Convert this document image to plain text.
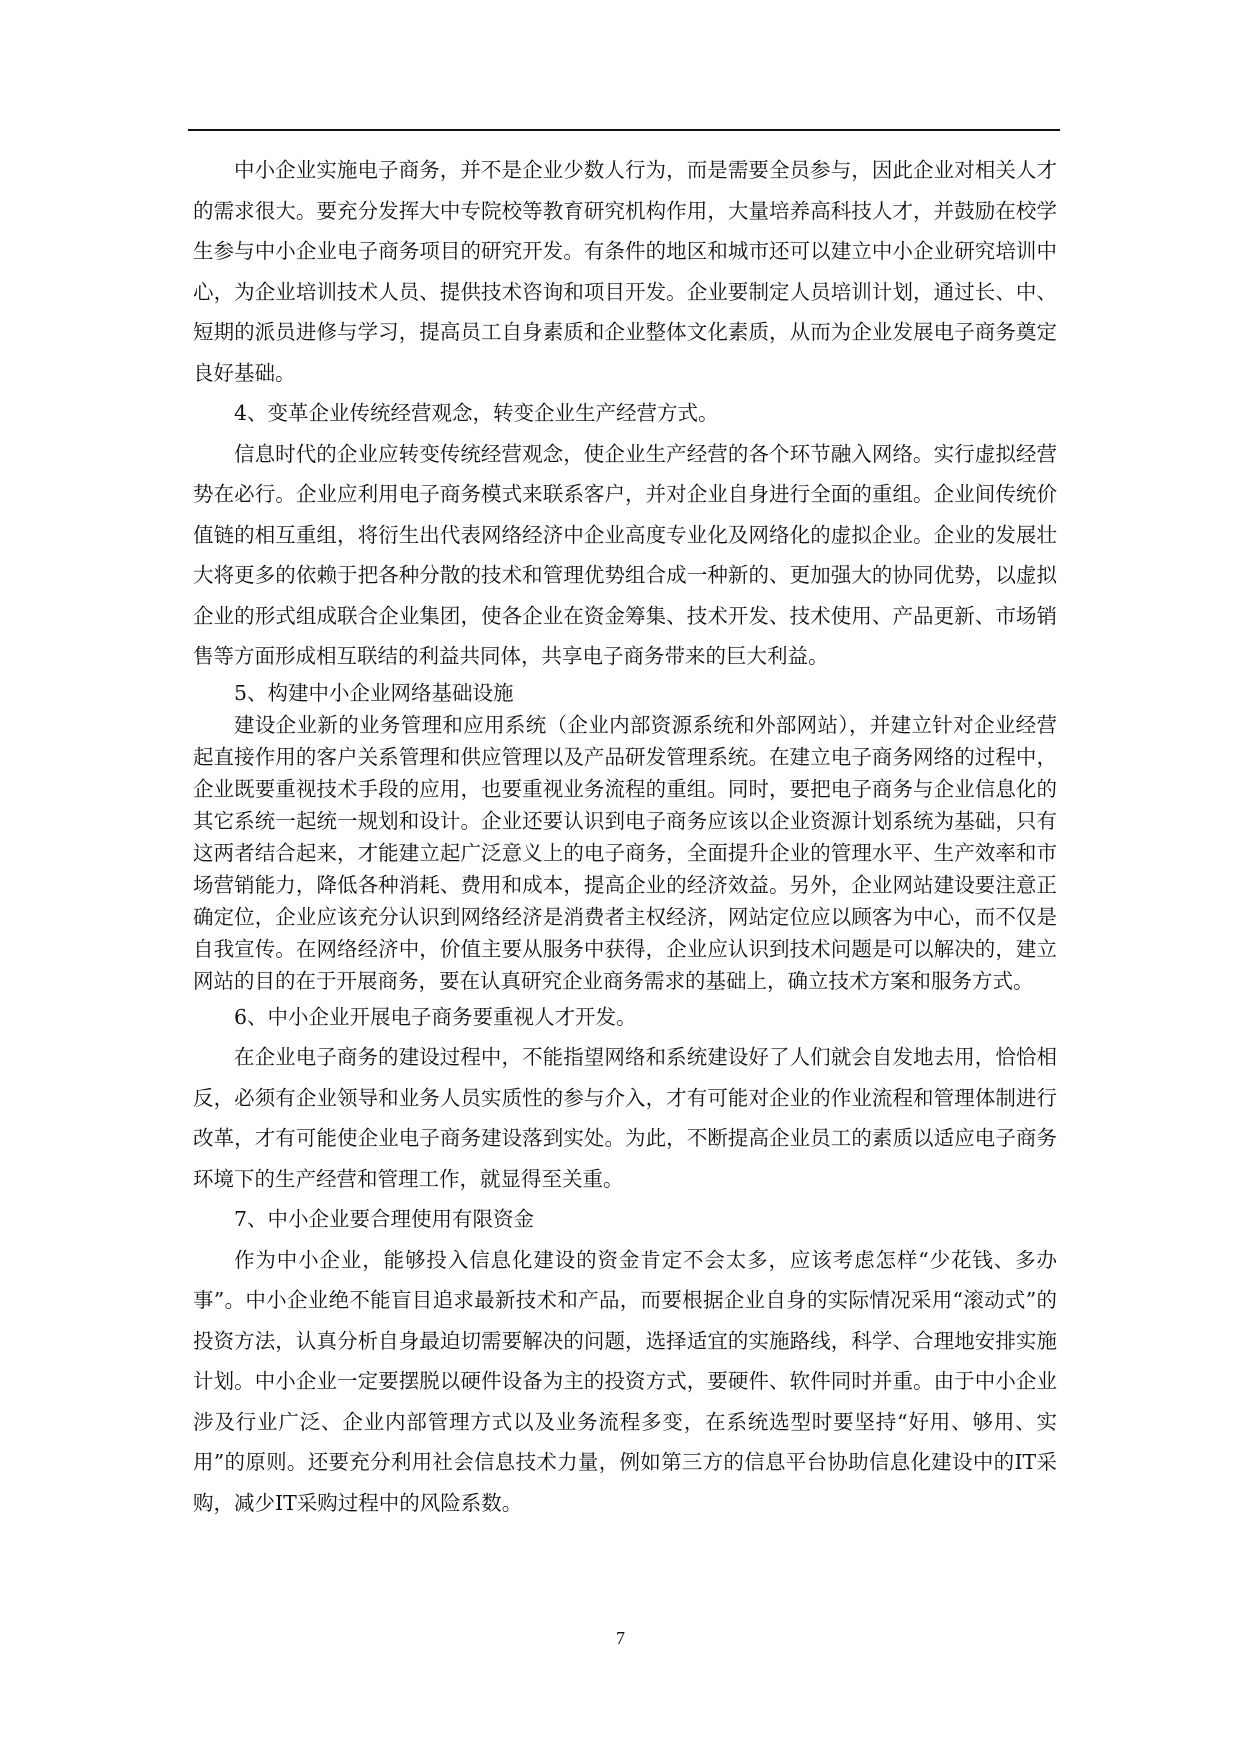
中小企业实施电子商务，并不是企业少数人行为，而是需要全员参与，因此企业对相关人才的需求很大。要充分发挥大中专院校等教育研究机构作用，大量培养高科技人才，并鼓励在校学生参与中小企业电子商务项目的研究开发。有条件的地区和城市还可以建立中小企业研究培训中心，为企业培训技术人员、提供技术咨询和项目开发。企业要制定人员培训计划，通过长、中、短期的派员进修与学习，提高员工自身素质和企业整体文化素质，从而为企业发展电子商务奠定良好基础。

4、变革企业传统经营观念，转变企业生产经营方式。

信息时代的企业应转变传统经营观念，使企业生产经营的各个环节融入网络。实行虚拟经营势在必行。企业应利用电子商务模式来联系客户，并对企业自身进行全面的重组。企业间传统价值链的相互重组，将衍生出代表网络经济中企业高度专业化及网络化的虚拟企业。企业的发展壮大将更多的依赖于把各种分散的技术和管理优势组合成一种新的、更加强大的协同优势，以虚拟企业的形式组成联合企业集团，使各企业在资金筹集、技术开发、技术使用、产品更新、市场销售等方面形成相互联结的利益共同体，共享电子商务带来的巨大利益。

5、构建中小企业网络基础设施

建设企业新的业务管理和应用系统（企业内部资源系统和外部网站），并建立针对企业经营起直接作用的客户关系管理和供应管理以及产品研发管理系统。在建立电子商务网络的过程中，企业既要重视技术手段的应用，也要重视业务流程的重组。同时，要把电子商务与企业信息化的其它系统一起统一规划和设计。企业还要认识到电子商务应该以企业资源计划系统为基础，只有这两者结合起来，才能建立起广泛意义上的电子商务，全面提升企业的管理水平、生产效率和市场营销能力，降低各种消耗、费用和成本，提高企业的经济效益。另外，企业网站建设要注意正确定位，企业应该充分认识到网络经济是消费者主权经济，网站定位应以顾客为中心，而不仅是自我宣传。在网络经济中，价值主要从服务中获得，企业应认识到技术问题是可以解决的，建立网站的目的在于开展商务，要在认真研究企业商务需求的基础上，确立技术方案和服务方式。

6、中小企业开展电子商务要重视人才开发。

在企业电子商务的建设过程中，不能指望网络和系统建设好了人们就会自发地去用，恰恰相反，必须有企业领导和业务人员实质性的参与介入，才有可能对企业的作业流程和管理体制进行改革，才有可能使企业电子商务建设落到实处。为此，不断提高企业员工的素质以适应电子商务环境下的生产经营和管理工作，就显得至关重。

7、中小企业要合理使用有限资金

作为中小企业，能够投入信息化建设的资金肯定不会太多，应该考虑怎样“少花钱、多办事”。中小企业绝不能盲目追求最新技术和产品，而要根据企业自身的实际情况采用“滚动式”的投资方法，认真分析自身最迫切需要解决的问题，选择适宜的实施路线，科学、合理地安排实施计划。中小企业一定要摆脱以硬件设备为主的投资方式，要硬件、软件同时并重。由于中小企业涉及行业广泛、企业内部管理方式以及业务流程多变，在系统选型时要坚持“好用、够用、实用”的原则。还要充分利用社会信息技术力量，例如第三方的信息平台协助信息化建设中的IT采购，减少IT采购过程中的风险系数。

7
